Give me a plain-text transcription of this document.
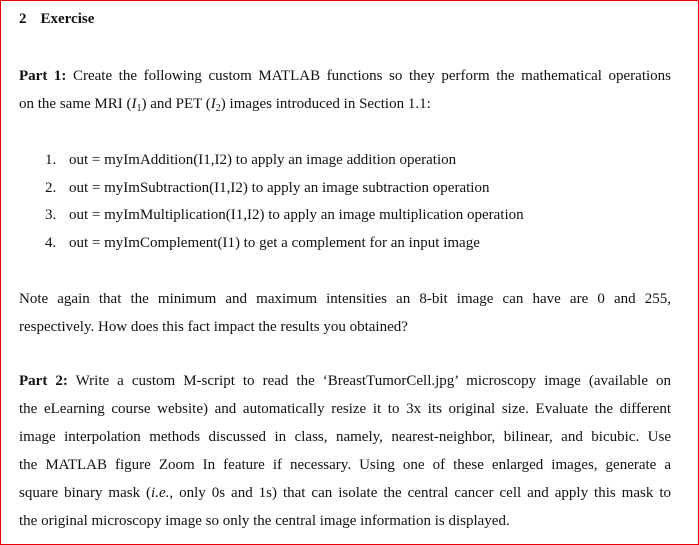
2 Exercise
Part 1: Create the following custom MATLAB functions so they perform the mathematical operations
on the same MRI $(I_1)$ and PET $(I_2)$ images introduced in Section 1.1:
1. out = myImAddition(I1,I2) to apply an image addition operation
2. out = myImSubtraction(I1,I2) to apply an image subtraction operation
3. out = myImMultiplication(I1,I2) to apply an image multiplication operation
4. out = myImComplement(I1) to get a complement for an input image
Note again that the minimum and maximum intensities an 8-bit image can have are 0 and 255,
respectively. How does this fact impact the results you obtained?
Part 2: Write a custom M-script to read the ‘BreastTumorCell.jpg’ microscopy image (available on
the eLearning course website) and automatically resize it to 3x its original size. Evaluate the different
image interpolation methods discussed in class, namely, nearest-neighbor, bilinear, and bicubic. Use
the MATLAB figure Zoom In feature if necessary. Using one of these enlarged images, generate a
square binary mask (i.e., only 0s and 1s) that can isolate the central cancer cell and apply this mask to
the original microscopy image so only the central image information is displayed.
